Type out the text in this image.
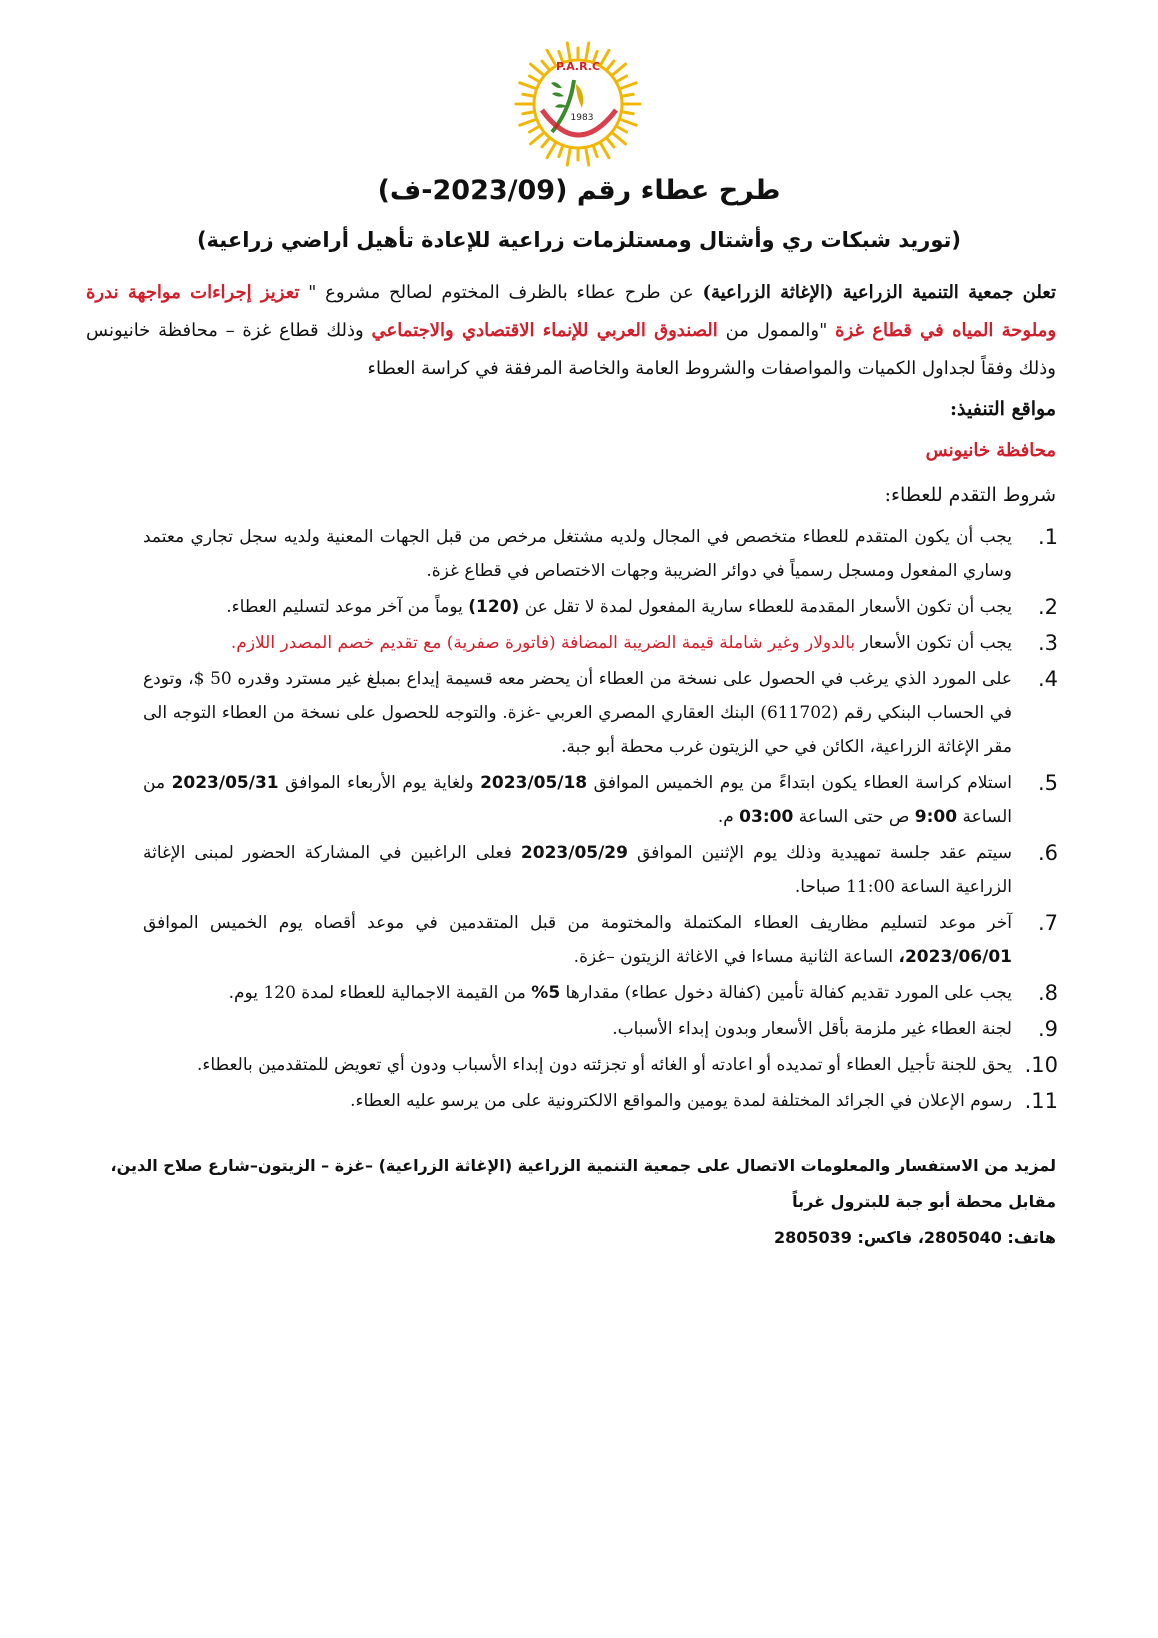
P.A.R.C
1983
طرح عطاء رقم (2023/09-ف)
(توريد شبكات ري وأشتال ومستلزمات زراعية للإعادة تأهيل أراضي زراعية)

تعلن جمعية التنمية الزراعية (الإغاثة الزراعية) عن طرح عطاء بالظرف المختوم لصالح مشروع " تعزيز إجراءات مواجهة ندرة وملوحة المياه في قطاع غزة "والممول من الصندوق العربي للإنماء الاقتصادي والاجتماعي وذلك قطاع غزة – محافظة خانيونس وذلك وفقاً لجداول الكميات والمواصفات والشروط العامة والخاصة المرفقة في كراسة العطاء

مواقع التنفيذ:

محافظة خانيونس

شروط التقدم للعطاء:

1.
يجب أن يكون المتقدم للعطاء متخصص في المجال ولديه مشتغل مرخص من قبل الجهات المعنية ولديه سجل تجاري معتمد وساري المفعول ومسجل رسمياً في دوائر الضريبة وجهات الاختصاص في قطاع غزة.
2.
يجب أن تكون الأسعار المقدمة للعطاء سارية المفعول لمدة لا تقل عن (120) يوماً من آخر موعد لتسليم العطاء.
3.
يجب أن تكون الأسعار بالدولار وغير شاملة قيمة الضريبة المضافة (فاتورة صفرية) مع تقديم خصم المصدر اللازم.
4.
على المورد الذي يرغب في الحصول على نسخة من العطاء أن يحضر معه قسيمة إيداع بمبلغ غير مسترد وقدره 50 $، وتودع في الحساب البنكي رقم (611702) البنك العقاري المصري العربي -غزة. والتوجه للحصول على نسخة من العطاء التوجه الى مقر الإغاثة الزراعية، الكائن في حي الزيتون غرب محطة أبو جبة.
5.
استلام كراسة العطاء يكون ابتداءً من يوم الخميس الموافق 2023/05/18 ولغاية يوم الأربعاء الموافق 2023/05/31 من الساعة 9:00 ص حتى الساعة 03:00 م.
6.
سيتم عقد جلسة تمهيدية وذلك يوم الإثنين الموافق 2023/05/29 فعلى الراغبين في المشاركة الحضور لمبنى الإغاثة الزراعية الساعة 11:00 صباحا.
7.
آخر موعد لتسليم مظاريف العطاء المكتملة والمختومة من قبل المتقدمين في موعد أقصاه يوم الخميس الموافق 2023/06/01، الساعة الثانية مساءا في الاغاثة الزيتون –غزة.
8.
يجب على المورد تقديم كفالة تأمين (كفالة دخول عطاء) مقدارها 5% من القيمة الاجمالية للعطاء لمدة 120 يوم.
9.
لجنة العطاء غير ملزمة بأقل الأسعار وبدون إبداء الأسباب.
10.
يحق للجنة تأجيل العطاء أو تمديده أو اعادته أو الغائه أو تجزئته دون إبداء الأسباب ودون أي تعويض للمتقدمين بالعطاء.
11.
رسوم الإعلان في الجرائد المختلفة لمدة يومين والمواقع الالكترونية على من يرسو عليه العطاء.

لمزيد من الاستفسار والمعلومات الاتصال على جمعية التنمية الزراعية (الإغاثة الزراعية) –غزة – الزيتون–شارع صلاح الدين، مقابل محطة أبو جبة للبترول غرباً
هاتف: 2805040، فاكس: 2805039
